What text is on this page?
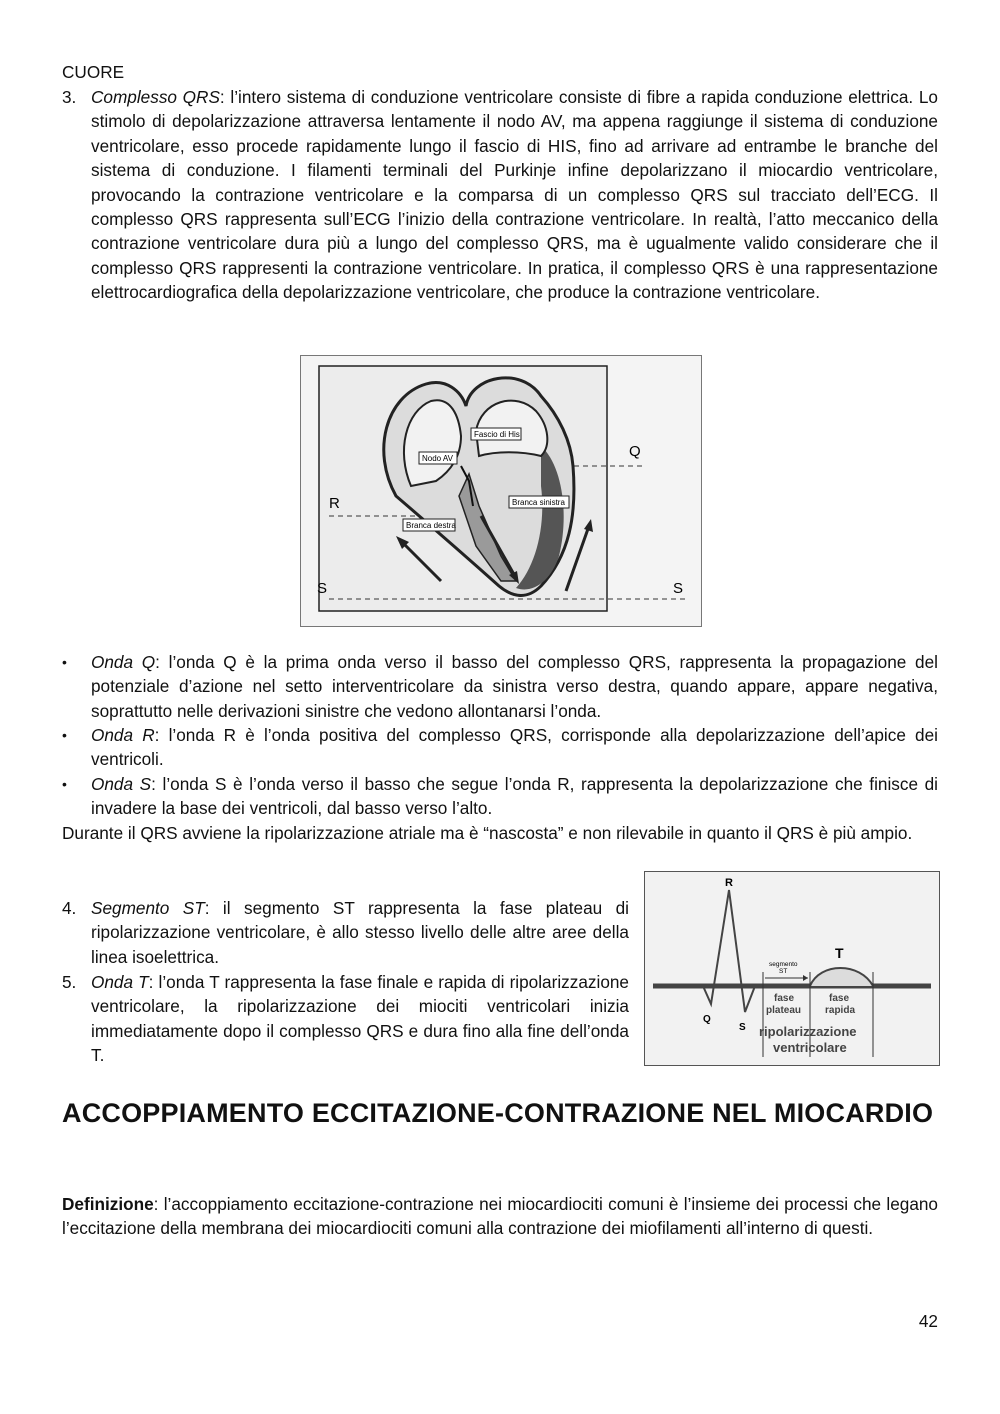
CUORE
3. Complesso QRS: l’intero sistema di conduzione ventricolare consiste di fibre a rapida conduzione elettrica. Lo stimolo di depolarizzazione attraversa lentamente il nodo AV, ma appena raggiunge il sistema di conduzione ventricolare, esso procede rapidamente lungo il fascio di HIS, fino ad arrivare ad entrambe le branche del sistema di conduzione. I filamenti terminali del Purkinje infine depolarizzano il miocardio ventricolare, provocando la contrazione ventricolare e la comparsa di un complesso QRS sul tracciato dell’ECG. Il complesso QRS rappresenta sull’ECG l’inizio della contrazione ventricolare. In realtà, l’atto meccanico della contrazione ventricolare dura più a lungo del complesso QRS, ma è ugualmente valido considerare che il complesso QRS rappresenti la contrazione ventricolare. In pratica, il complesso QRS è una rappresentazione elettrocardiografica della depolarizzazione ventricolare, che produce la contrazione ventricolare.
Fascio di His
Nodo AV
Branca sinistra
Branca destra
Q
R
S	S
• Onda Q: l’onda Q è la prima onda verso il basso del complesso QRS, rappresenta la propagazione del potenziale d’azione nel setto interventricolare da sinistra verso destra, quando appare, appare negativa, soprattutto nelle derivazioni sinistre che vedono allontanarsi l’onda.
• Onda R: l’onda R è l’onda positiva del complesso QRS, corrisponde alla depolarizzazione dell’apice dei ventricoli.
• Onda S: l’onda S è l’onda verso il basso che segue l’onda R, rappresenta la depolarizzazione che finisce di invadere la base dei ventricoli, dal basso verso l’alto.
Durante il QRS avviene la ripolarizzazione atriale ma è “nascosta” e non rilevabile in quanto il QRS è più ampio.
4. Segmento ST: il segmento ST rappresenta la fase plateau di ripolarizzazione ventricolare, è allo stesso livello delle altre aree della linea isoelettrica.
5. Onda T: l’onda T rappresenta la fase finale e rapida di ripolarizzazione ventricolare, la ripolarizzazione dei miociti ventricolari inizia immediatamente dopo il complesso QRS e dura fino alla fine dell’onda T.
R
Q
S
T
segmento
ST
fase
plateau
fase
rapida
ripolarizzazione
ventricolare
ACCOPPIAMENTO ECCITAZIONE-CONTRAZIONE NEL MIOCARDIO
Definizione: l’accoppiamento eccitazione-contrazione nei miocardiociti comuni è l’insieme dei processi che legano l’eccitazione della membrana dei miocardiociti comuni alla contrazione dei miofilamenti all’interno di questi.
42
